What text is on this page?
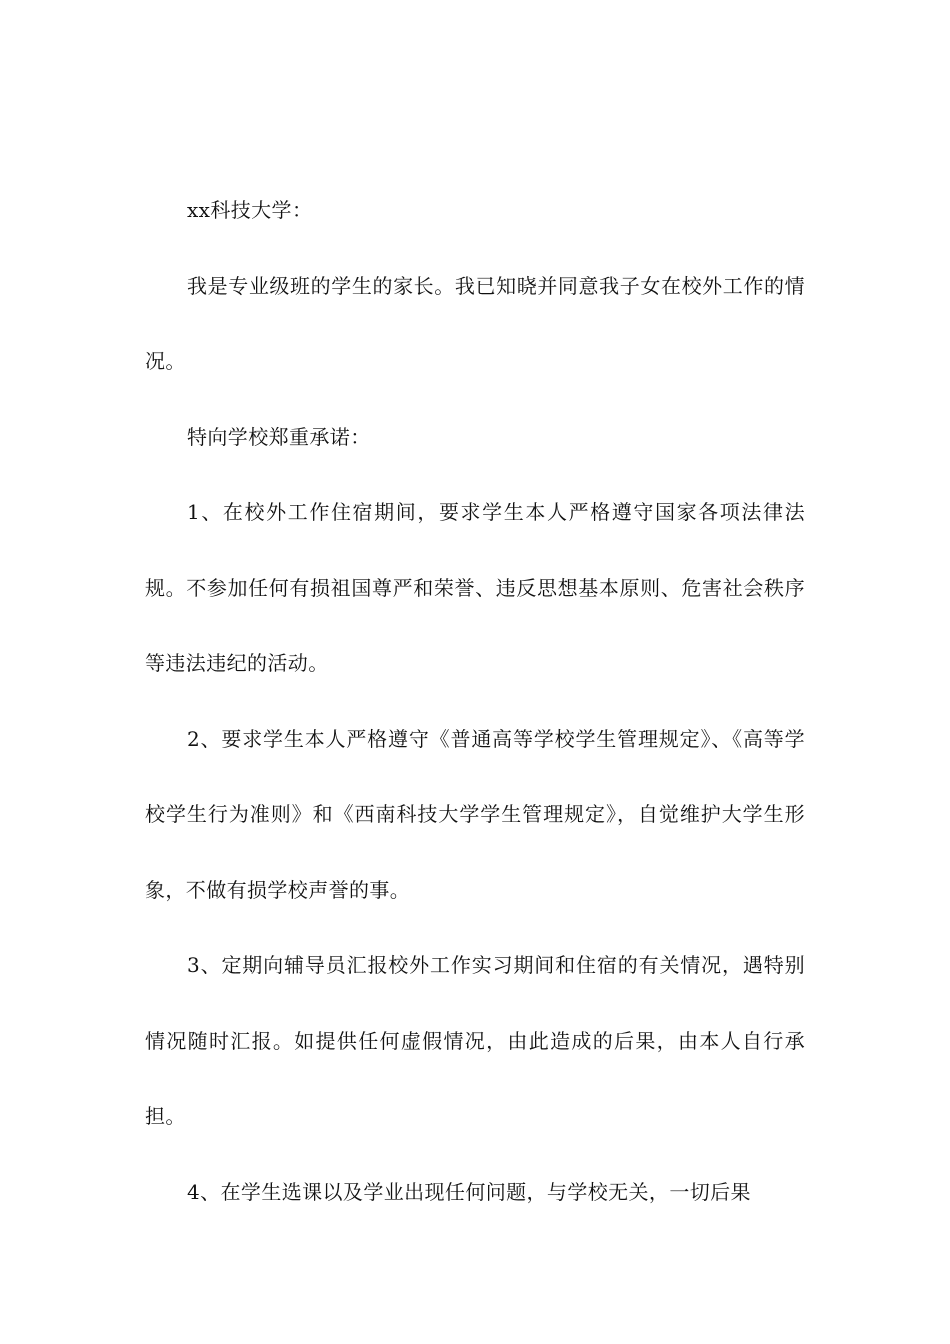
xx科技大学：

我是专业级班的学生的家长。我已知晓并同意我子女在校外工作的情况。

特向学校郑重承诺：

1、在校外工作住宿期间，要求学生本人严格遵守国家各项法律法规。不参加任何有损祖国尊严和荣誉、违反思想基本原则、危害社会秩序等违法违纪的活动。

2、要求学生本人严格遵守《普通高等学校学生管理规定》、《高等学校学生行为准则》和《西南科技大学学生管理规定》，自觉维护大学生形象，不做有损学校声誉的事。

3、定期向辅导员汇报校外工作实习期间和住宿的有关情况，遇特别情况随时汇报。如提供任何虚假情况，由此造成的后果，由本人自行承担。

4、在学生选课以及学业出现任何问题，与学校无关，一切后果
